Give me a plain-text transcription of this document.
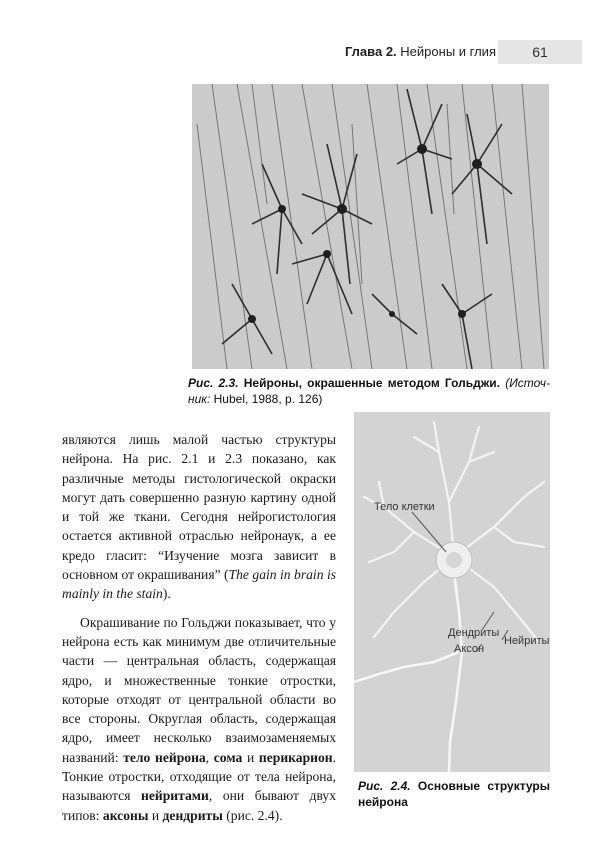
Глава 2. Нейроны и глия	61
Рис. 2.3. Нейроны, окрашенные методом Гольджи. (Источ-ник: Hubel, 1988, p. 126)
Тело клетки
Дендриты
Аксон
Нейриты
Рис. 2.4. Основные структуры нейрона

являются лишь малой частью структуры нейрона. На рис. 2.1 и 2.3 показано, как различные методы гистологической окраски могут дать совершенно разную картину одной и той же ткани. Сегодня нейрогистология остается активной отраслью нейронаук, а ее кредо гласит: “Изучение мозга зависит в основном от окрашивания” (The gain in brain is mainly in the stain).

Окрашивание по Гольджи показывает, что у нейрона есть как минимум две отличительные части — центральная область, содержащая ядро, и множественные тонкие отростки, которые отходят от центральной области во все стороны. Округлая область, содержащая ядро, имеет несколько взаимозаменяемых названий: тело нейрона, сома и перикарион. Тонкие отростки, отходящие от тела нейрона, называются нейритами, они бывают двух типов: аксоны и дендриты (рис. 2.4).
